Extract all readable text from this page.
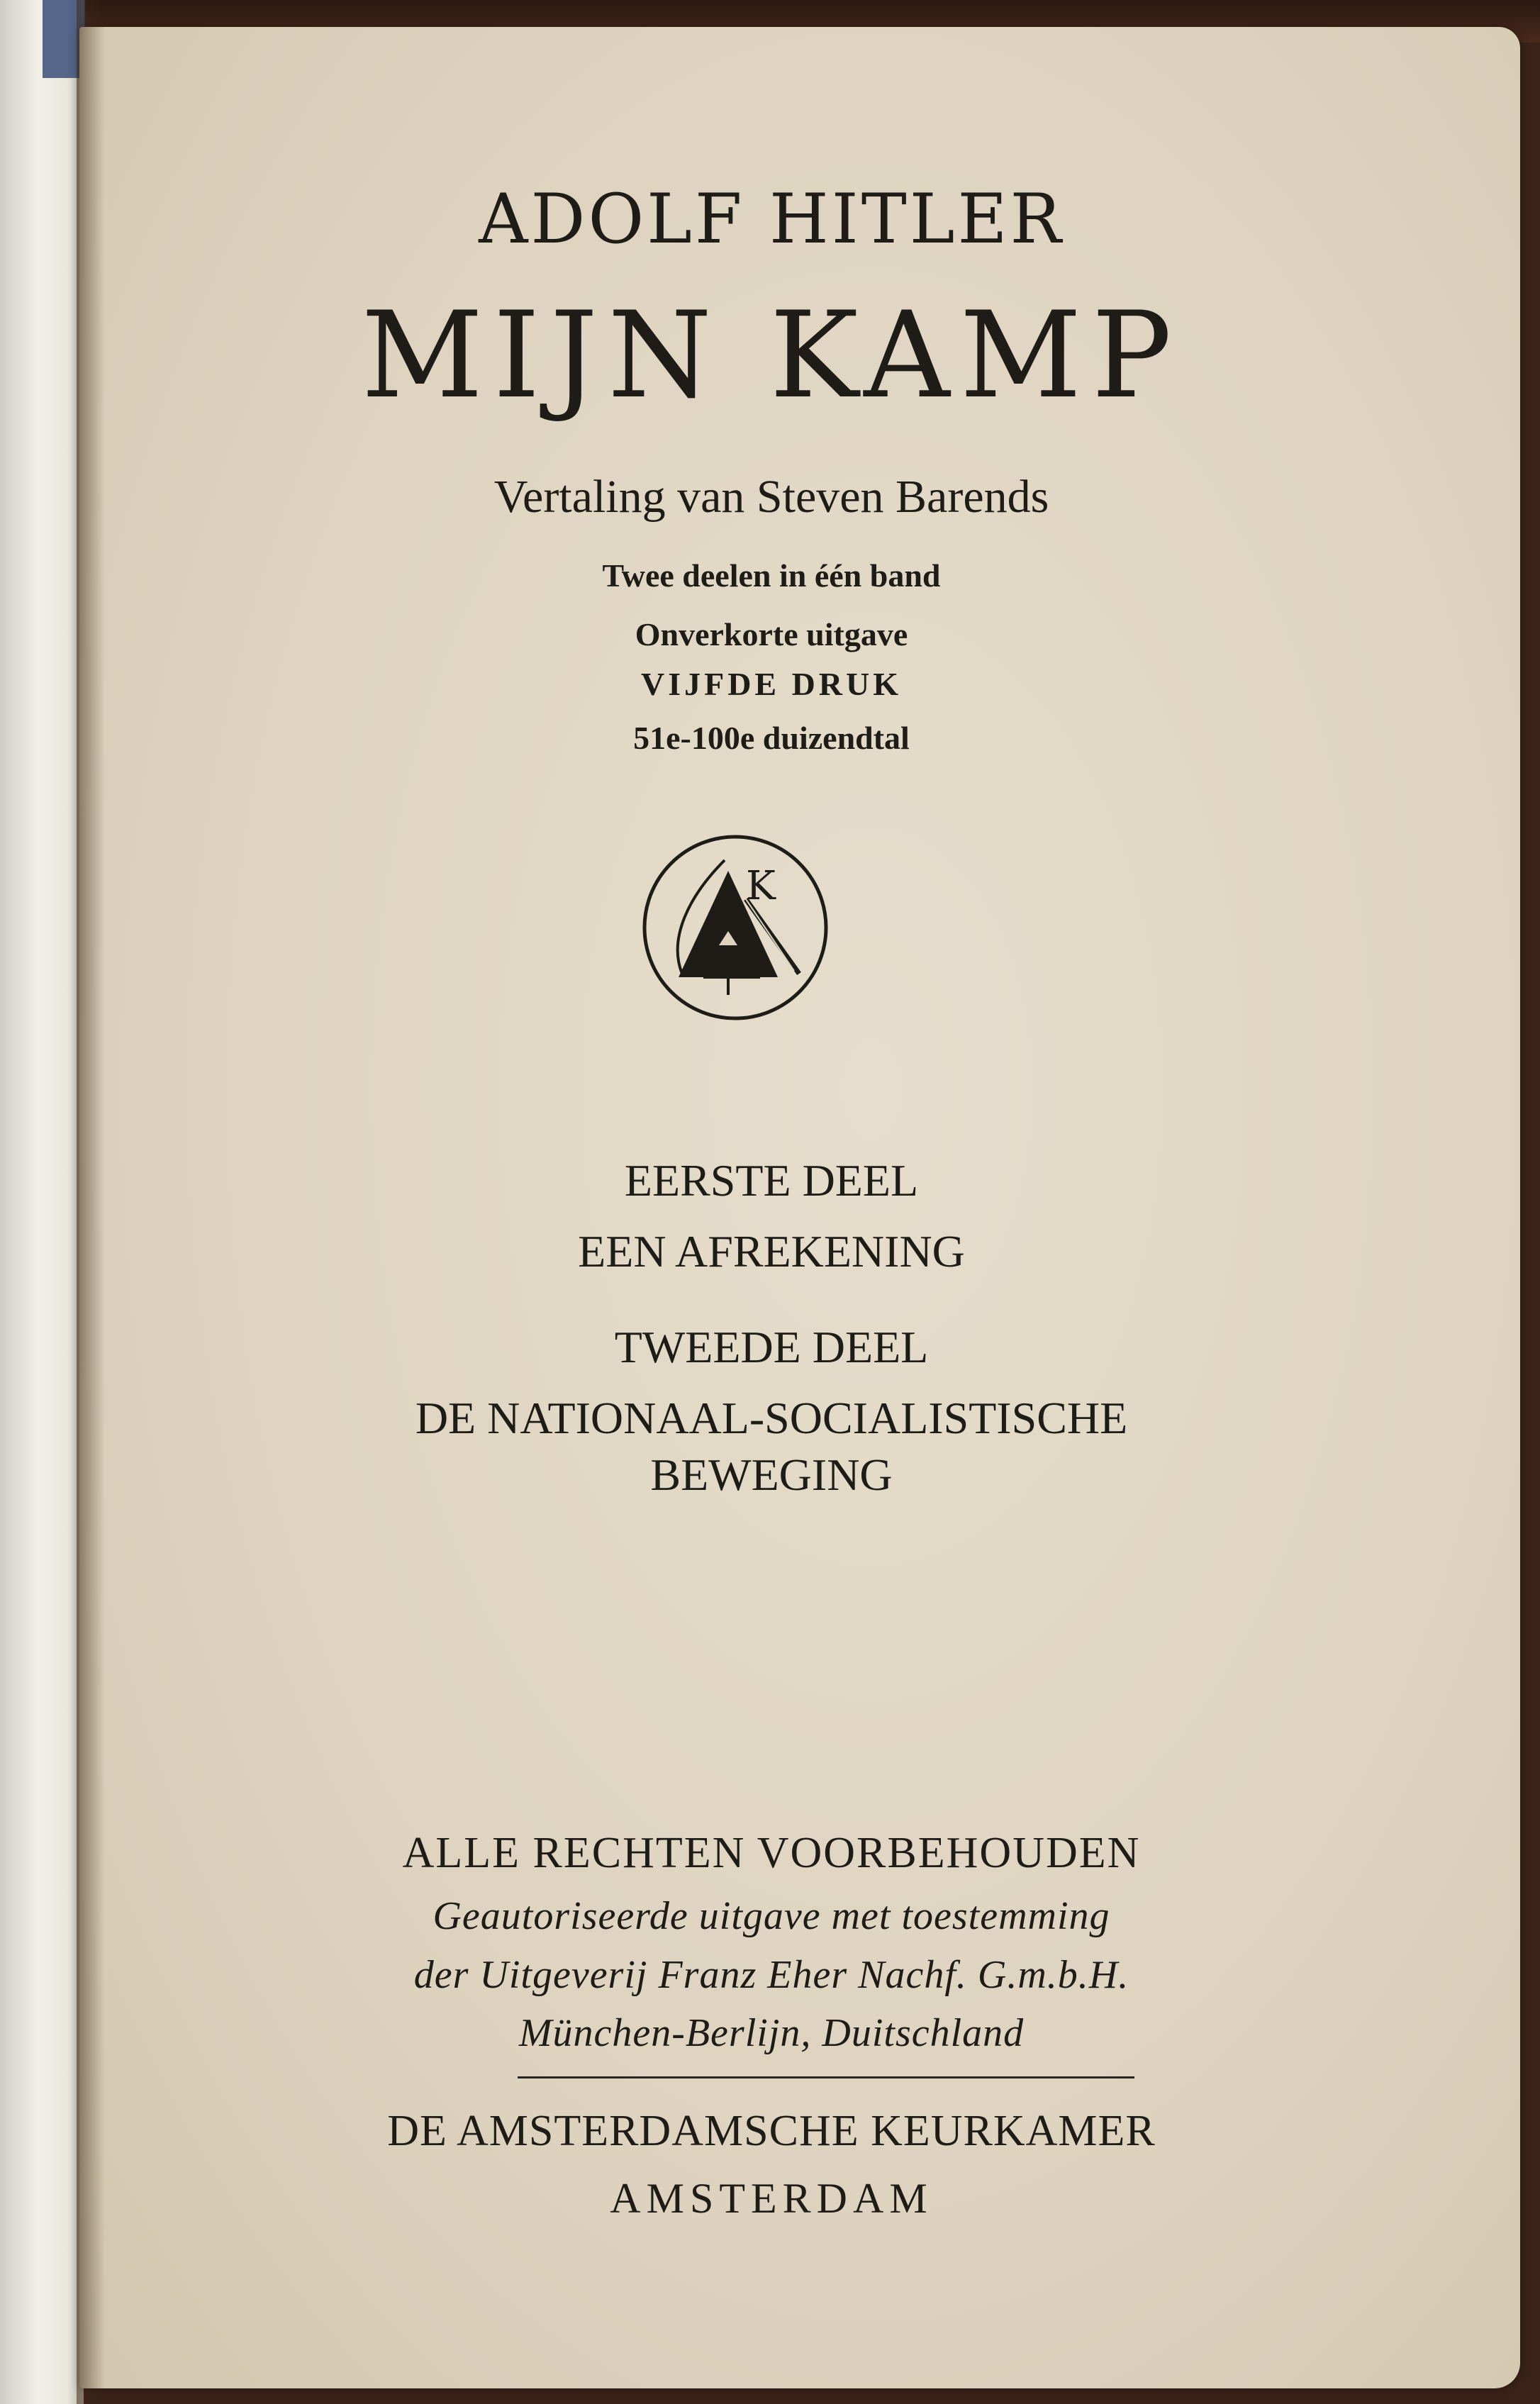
ADOLF HITLER
MIJN KAMP
Vertaling van Steven Barends
Twee deelen in één band
Onverkorte uitgave
VIJFDE DRUK
51e-100e duizendtal
K
EERSTE DEEL
EEN AFREKENING
TWEEDE DEEL
DE NATIONAAL-SOCIALISTISCHE
BEWEGING
ALLE RECHTEN VOORBEHOUDEN
Geautoriseerde uitgave met toestemming
der Uitgeverij Franz Eher Nachf. G.m.b.H.
München-Berlijn, Duitschland
DE AMSTERDAMSCHE KEURKAMER
AMSTERDAM
